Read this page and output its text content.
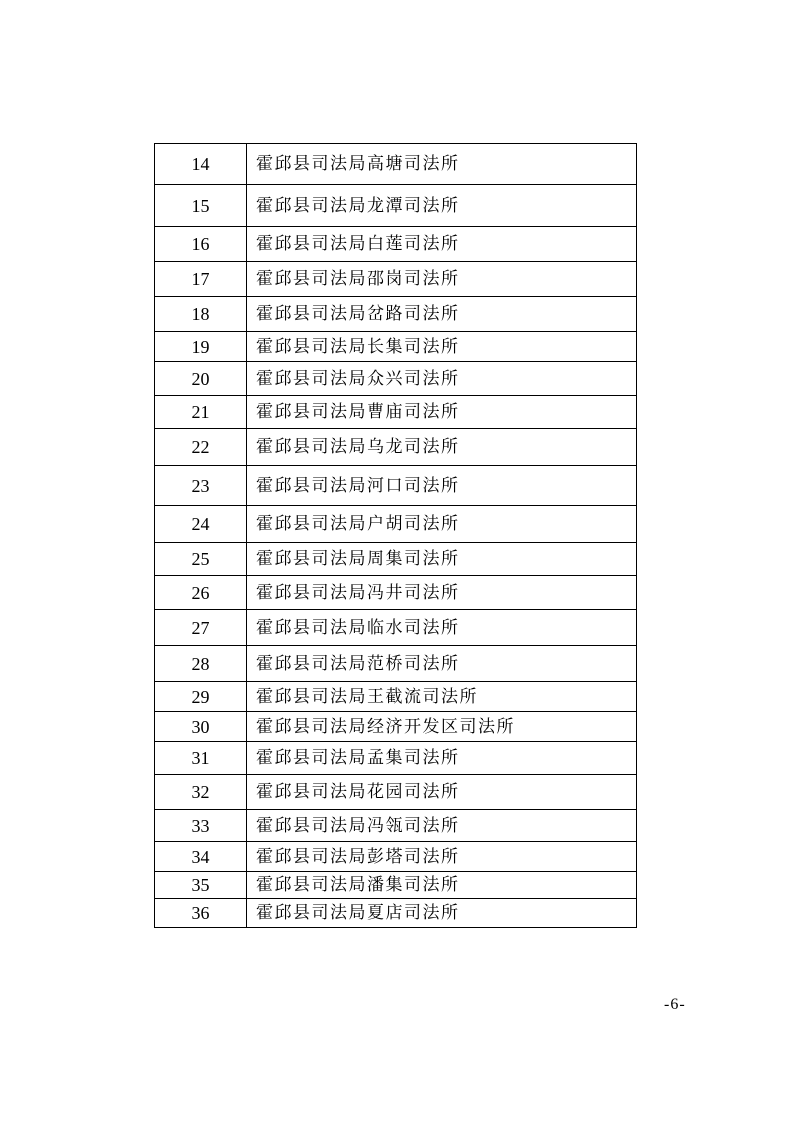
14	霍邱县司法局高塘司法所
15	霍邱县司法局龙潭司法所
16	霍邱县司法局白莲司法所
17	霍邱县司法局邵岗司法所
18	霍邱县司法局岔路司法所
19	霍邱县司法局长集司法所
20	霍邱县司法局众兴司法所
21	霍邱县司法局曹庙司法所
22	霍邱县司法局乌龙司法所
23	霍邱县司法局河口司法所
24	霍邱县司法局户胡司法所
25	霍邱县司法局周集司法所
26	霍邱县司法局冯井司法所
27	霍邱县司法局临水司法所
28	霍邱县司法局范桥司法所
29	霍邱县司法局王截流司法所
30	霍邱县司法局经济开发区司法所
31	霍邱县司法局孟集司法所
32	霍邱县司法局花园司法所
33	霍邱县司法局冯瓴司法所
34	霍邱县司法局彭塔司法所
35	霍邱县司法局潘集司法所
36	霍邱县司法局夏店司法所
-6-
